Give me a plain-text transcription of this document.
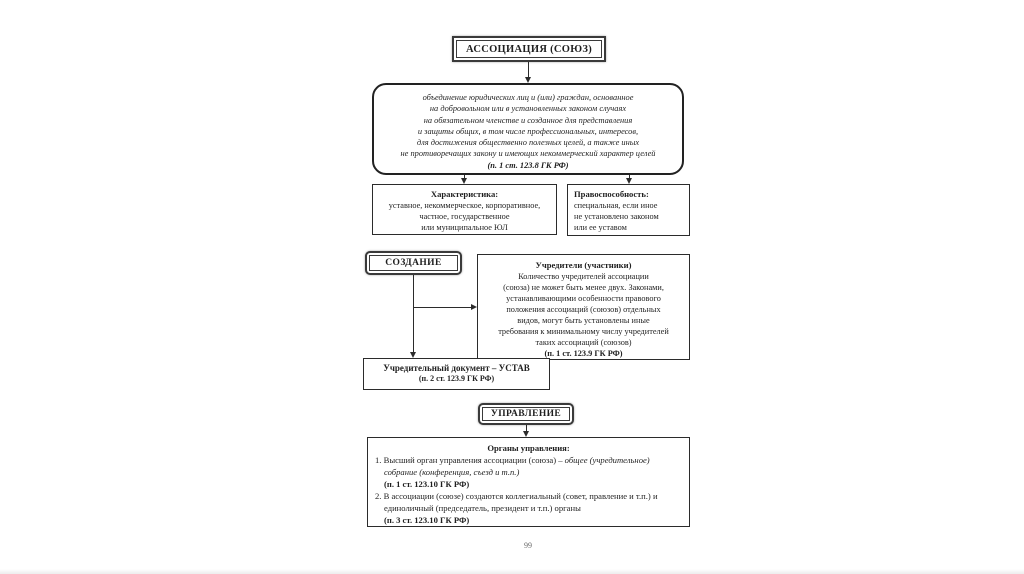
АССОЦИАЦИЯ (СОЮЗ)
объединение юридических лиц и (или) граждан, основанное
на добровольном или в установленных законом случаях
на обязательном членстве и созданное для представления
и защиты общих, в том числе профессиональных, интересов,
для достижения общественно полезных целей, а также иных
не противоречащих закону и имеющих некоммерческий характер целей
(п. 1 ст. 123.8 ГК РФ)
Характеристика:
уставное, некоммерческое, корпоративное,
частное, государственное
или муниципальное ЮЛ
Правоспособность:
специальная, если иное
не установлено законом
или ее уставом
СОЗДАНИЕ	Учредители (участники)
Количество учредителей ассоциации
(союза) не может быть менее двух. Законами,
устанавливающими особенности правового
положения ассоциаций (союзов) отдельных
видов, могут быть установлены иные
требования к минимальному числу учредителей
таких ассоциаций (союзов)
(п. 1 ст. 123.9 ГК РФ)
Учредительный документ – УСТАВ
(п. 2 ст. 123.9 ГК РФ)
УПРАВЛЕНИЕ
Органы управления:
1. Высший орган управления ассоциации (союза) – общее (учредительное) собрание (конференция, съезд и т.п.)
(п. 1 ст. 123.10 ГК РФ)
2. В ассоциации (союзе) создаются коллегиальный (совет, правление и т.п.) и единоличный (председатель, президент и т.п.) органы
(п. 3 ст. 123.10 ГК РФ)
99
